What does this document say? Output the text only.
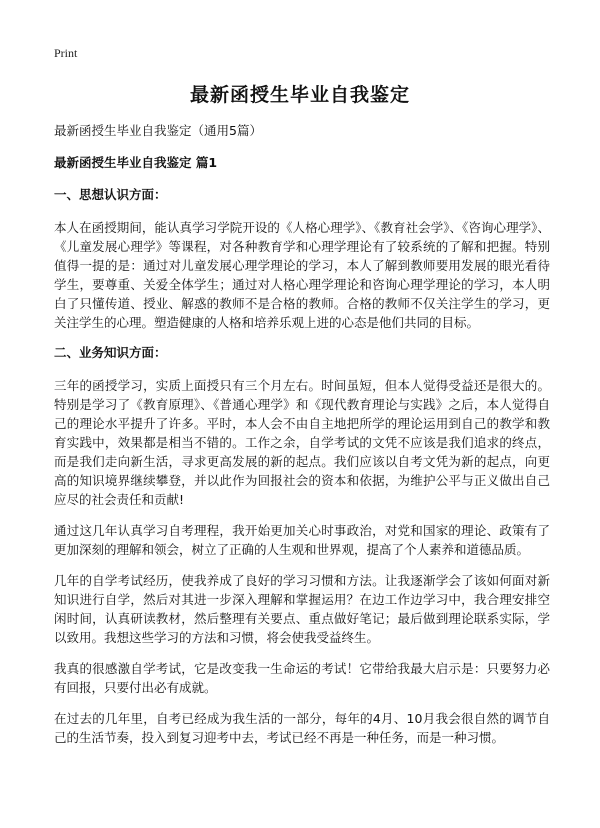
Print
最新函授生毕业自我鉴定
最新函授生毕业自我鉴定（通用5篇）
最新函授生毕业自我鉴定 篇1
一、思想认识方面：
本人在函授期间，能认真学习学院开设的《人格心理学》、《教育社会学》、《咨询心理学》、《儿童发展心理学》等课程，对各种教育学和心理学理论有了较系统的了解和把握。特别值得一提的是：通过对儿童发展心理学理论的学习，本人了解到教师要用发展的眼光看待学生，要尊重、关爱全体学生；通过对人格心理学理论和咨询心理学理论的学习，本人明白了只懂传道、授业、解惑的教师不是合格的教师。合格的教师不仅关注学生的学习，更关注学生的心理。塑造健康的人格和培养乐观上进的心态是他们共同的目标。
二、业务知识方面：
三年的函授学习，实质上面授只有三个月左右。时间虽短，但本人觉得受益还是很大的。特别是学习了《教育原理》、《普通心理学》和《现代教育理论与实践》之后，本人觉得自己的理论水平提升了许多。平时，本人会不由自主地把所学的理论运用到自己的教学和教育实践中，效果都是相当不错的。工作之余，自学考试的文凭不应该是我们追求的终点，而是我们走向新生活，寻求更高发展的新的起点。我们应该以自考文凭为新的起点，向更高的知识境界继续攀登，并以此作为回报社会的资本和依据，为维护公平与正义做出自己应尽的社会责任和贡献!
通过这几年认真学习自考理程，我开始更加关心时事政治，对党和国家的理论、政策有了更加深刻的理解和领会，树立了正确的人生观和世界观，提高了个人素养和道德品质。
几年的自学考试经历，使我养成了良好的学习习惯和方法。让我逐渐学会了该如何面对新知识进行自学，然后对其进一步深入理解和掌握运用？在边工作边学习中，我合理安排空闲时间，认真研读教材，然后整理有关要点、重点做好笔记；最后做到理论联系实际，学以致用。我想这些学习的方法和习惯，将会使我受益终生。
我真的很感激自学考试，它是改变我一生命运的考试！它带给我最大启示是：只要努力必有回报，只要付出必有成就。
在过去的几年里，自考已经成为我生活的一部分，每年的4月、10月我会很自然的调节自己的生活节奏，投入到复习迎考中去，考试已经不再是一种任务，而是一种习惯。
